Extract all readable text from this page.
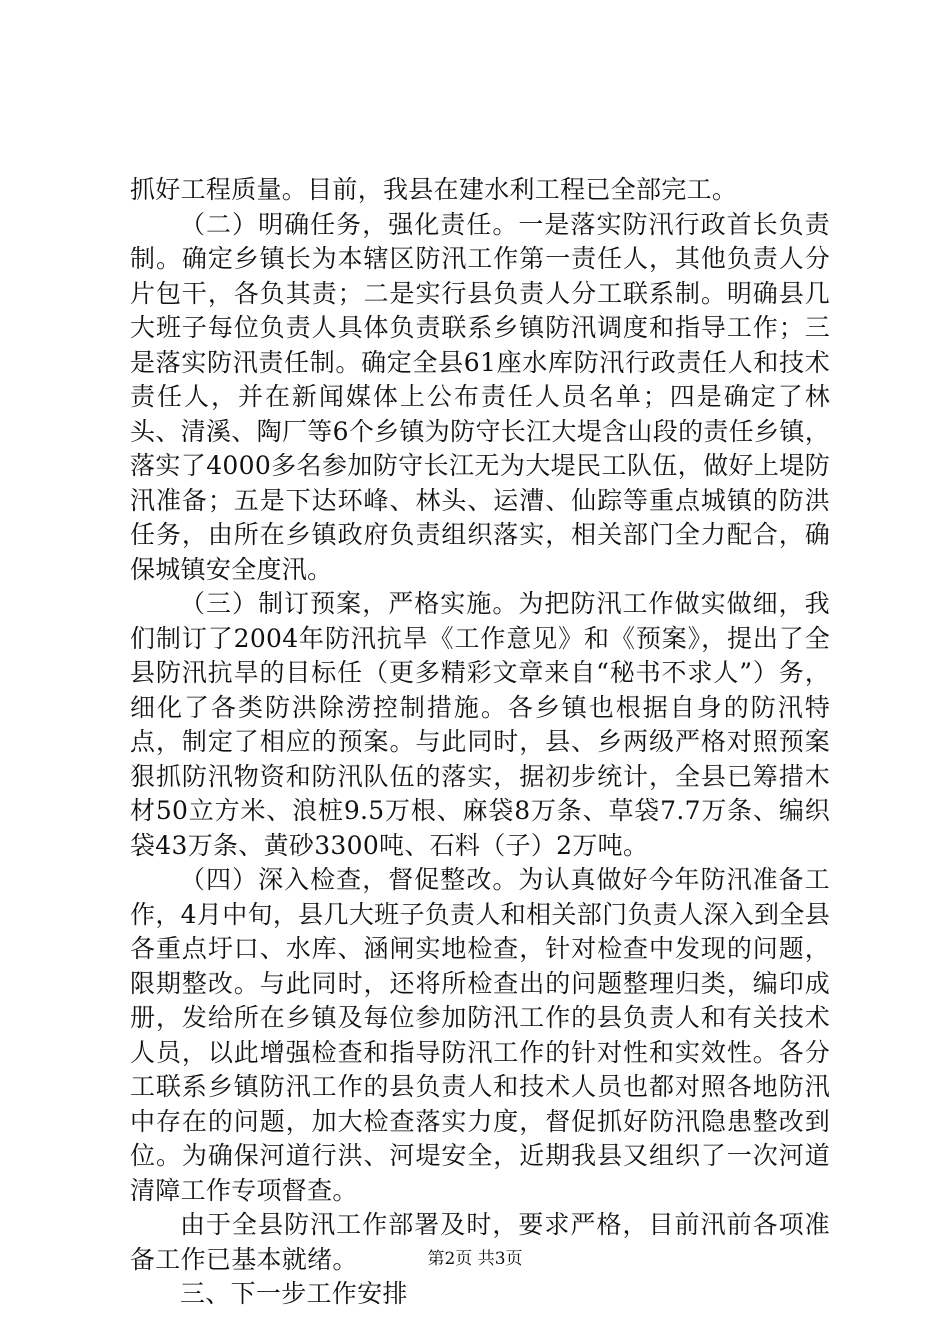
抓好工程质量。目前，我县在建水利工程已全部完工。

（二）明确任务，强化责任。一是落实防汛行政首长负责制。确定乡镇长为本辖区防汛工作第一责任人，其他负责人分片包干，各负其责；二是实行县负责人分工联系制。明确县几大班子每位负责人具体负责联系乡镇防汛调度和指导工作；三是落实防汛责任制。确定全县61座水库防汛行政责任人和技术责任人，并在新闻媒体上公布责任人员名单；四是确定了林头、清溪、陶厂等6个乡镇为防守长江大堤含山段的责任乡镇，落实了4000多名参加防守长江无为大堤民工队伍，做好上堤防汛准备；五是下达环峰、林头、运漕、仙踪等重点城镇的防洪任务，由所在乡镇政府负责组织落实，相关部门全力配合，确保城镇安全度汛。

（三）制订预案，严格实施。为把防汛工作做实做细，我们制订了2004年防汛抗旱《工作意见》和《预案》，提出了全县防汛抗旱的目标任（更多精彩文章来自“秘书不求人”）务，细化了各类防洪除涝控制措施。各乡镇也根据自身的防汛特点，制定了相应的预案。与此同时，县、乡两级严格对照预案狠抓防汛物资和防汛队伍的落实，据初步统计，全县已筹措木材50立方米、浪桩9.5万根、麻袋8万条、草袋7.7万条、编织袋43万条、黄砂3300吨、石料（子）2万吨。

（四）深入检查，督促整改。为认真做好今年防汛准备工作，4月中旬，县几大班子负责人和相关部门负责人深入到全县各重点圩口、水库、涵闸实地检查，针对检查中发现的问题，限期整改。与此同时，还将所检查出的问题整理归类，编印成册，发给所在乡镇及每位参加防汛工作的县负责人和有关技术人员，以此增强检查和指导防汛工作的针对性和实效性。各分工联系乡镇防汛工作的县负责人和技术人员也都对照各地防汛中存在的问题，加大检查落实力度，督促抓好防汛隐患整改到位。为确保河道行洪、河堤安全，近期我县又组织了一次河道清障工作专项督查。

由于全县防汛工作部署及时，要求严格，目前汛前各项准备工作已基本就绪。

三、下一步工作安排

第2页 共3页
